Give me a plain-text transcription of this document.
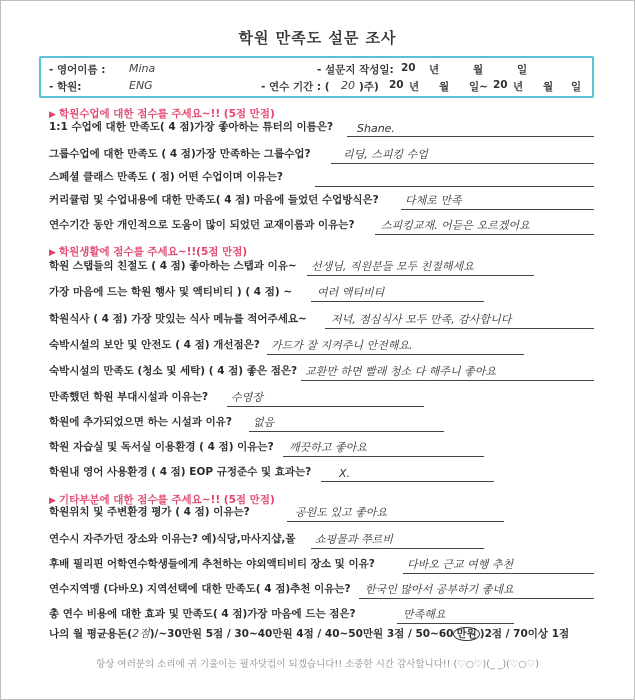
학원 만족도 설문 조사
- 영어이름 : Mina	- 설문지 작성일: 20 년	월	일
- 학원:	ENG	- 연수 기간 : ( 20 )주) 20 년 월 일~ 20 년 월 일
▶ 학원수업에 대한 점수를 주세요~!! (5점 만점)
1:1 수업에 대한 만족도( 4 점)가장 좋아하는 튜터의 이름은? Shane.
그룹수업에 대한 만족도 ( 4 점)가장 만족하는 그룹수업?	리딩, 스피킹 수업
스페셜 클래스 만족도 ( 점) 어떤 수업이며 이유는?
커리큘럼 및 수업내용에 대한 만족도( 4 점) 마음에 들었던 수업방식은? 다체로 만족
연수기간 동안 개인적으로 도움이 많이 되었던 교재이름과 이유는? 스피킹교재. 어듣은 오르겠어요
▶ 학원생활에 점수를 주세요~!!(5점 만점)
학원 스탭들의 친절도 ( 4 점) 좋아하는 스탭과 이유~ 선생님, 직원분들 모두 친절해세요
가장 마음에 드는 학원 행사 및 액티비티 ) ( 4 점) ~ 여러 액티비티
학원식사 ( 4 점) 가장 맛있는 식사 메뉴를 적어주세요~ 저녁, 점심식사 모두 만족, 감사합니다
숙박시설의 보안 및 안전도 ( 4 점) 개선점은? 가드가 잘 지켜주니 안전해요.
숙박시설의 만족도 (청소 및 세탁) ( 4 점) 좋은 점은? 교환만 하면 빨래 청소 다 해주니 좋아요
만족했던 학원 부대시설과 이유는? 수영장
학원에 추가되었으면 하는 시설과 이유? 없음
학원 자습실 및 독서실 이용환경 ( 4 점) 이유는? 깨끗하고 좋아요
학원내 영어 사용환경 ( 4 점) EOP 규정준수 및 효과는?	X.
▶ 기타부분에 대한 점수를 주세요~!! (5점 만점)
학원위치 및 주변환경 평가 ( 4 점) 이유는?	공원도 있고 좋아요
연수시 자주가던 장소와 이유는? 예)식당,마사지샵,몰 쇼핑몰과 쭈르비
후배 필리핀 어학연수학생들에게 추천하는 야외액티비티 장소 및 이유?	다바오 근교 여행 추천
연수지역맹 (다바오) 지역선택에 대한 만족도( 4 점)추천 이유는? 한국인 많아서 공부하기 좋네요
총 연수 비용에 대한 효과 및 만족도( 4 점)가장 마음에 드는 점은?	만족해요
나의 월 평균용돈(2점)/~30만원 5점 / 30~40만원 4점 / 40~50만원 3점 / 50~60 만원 )2점 / 70이상 1점
항상 여러분의 소리에 귀 기울이는 필자닷컴이 되겠습니다!! 소중한 시간 감사합니다!! (♡○♡)(_ _)(♡○♡)
